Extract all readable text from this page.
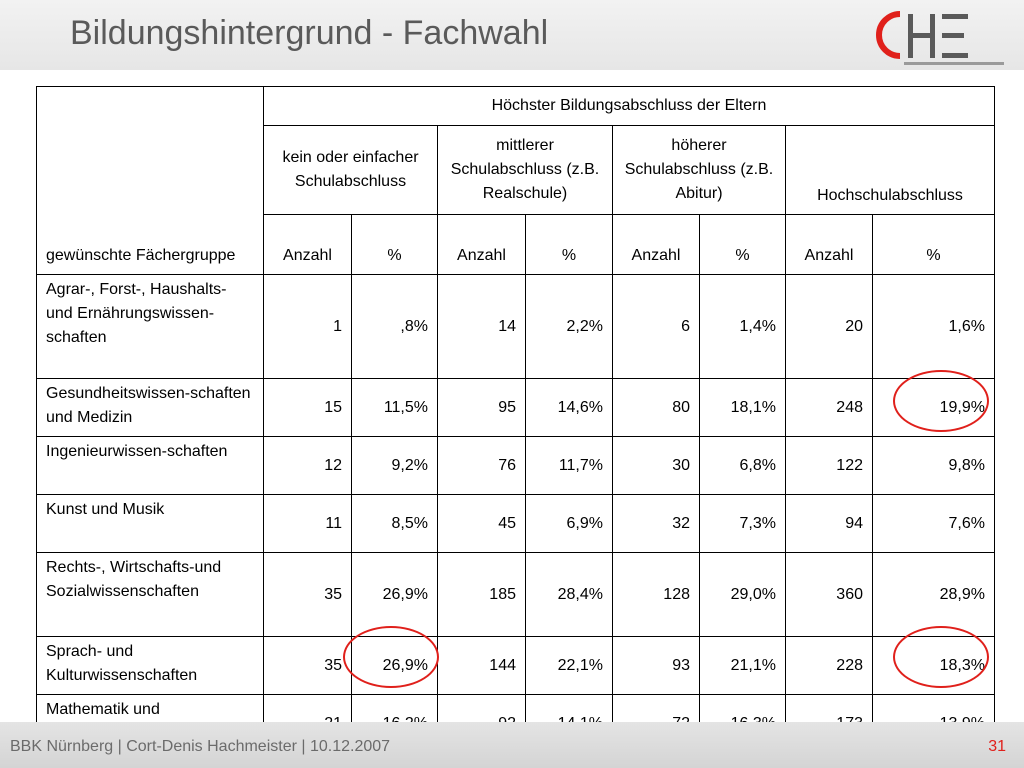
Bildungshintergrund - Fachwahl
gewünschte Fächergruppe	Höchster Bildungsabschluss der Eltern							
	kein oder einfacher Schulabschluss		mittlerer Schulabschluss (z.B. Realschule)		höherer Schulabschluss (z.B. Abitur)		Hochschulabschluss	
	Anzahl	%	Anzahl	%	Anzahl	%	Anzahl	%
Agrar-, Forst-, Haushalts- und Ernährungswissen-schaften	1	,8%	14	2,2%	6	1,4%	20	1,6%
Gesundheitswissen-schaften und Medizin	15	11,5%	95	14,6%	80	18,1%	248	19,9%
Ingenieurwissen-schaften	12	9,2%	76	11,7%	30	6,8%	122	9,8%
Kunst und Musik	11	8,5%	45	6,9%	32	7,3%	94	7,6%
Rechts-, Wirtschafts-und Sozialwissenschaften	35	26,9%	185	28,4%	128	29,0%	360	28,9%
Sprach- und Kulturwissenschaften	35	26,9%	144	22,1%	93	21,1%	228	18,3%
Mathematik und								
BBK Nürnberg | Cort-Denis Hachmeister | 10.12.2007	31
